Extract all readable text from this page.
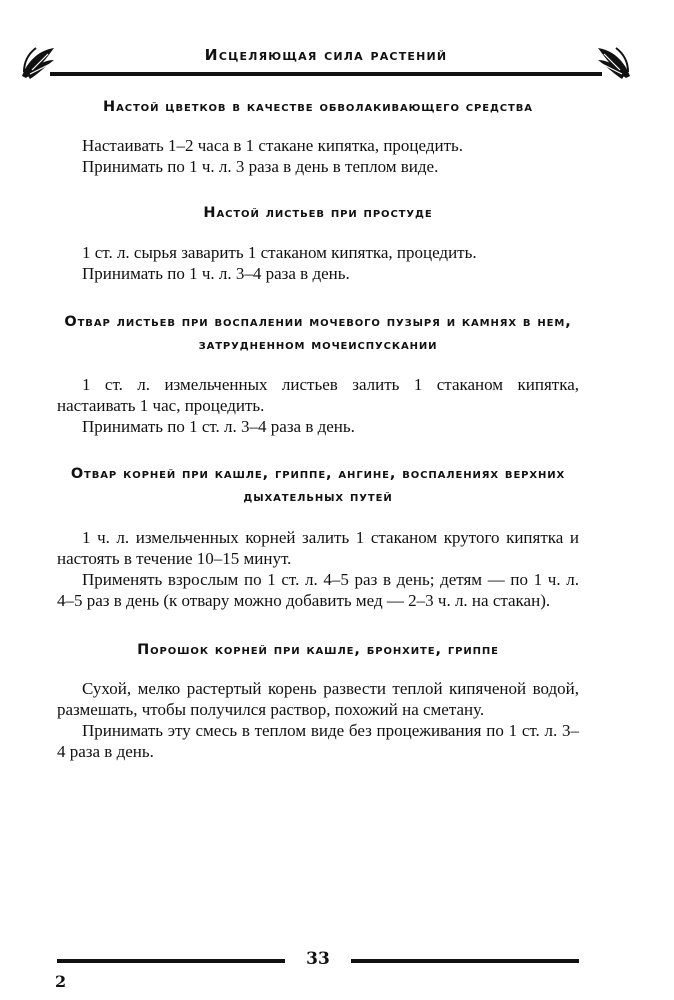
Исцеляющая сила растений
Настой цветков в качестве обволакивающего средства

Настаивать 1–2 часа в 1 стакане кипятка, процедить.

Принимать по 1 ч. л. 3 раза в день в теплом виде.

Настой листьев при простуде

1 ст. л. сырья заварить 1 стаканом кипятка, процедить.

Принимать по 1 ч. л. 3–4 раза в день.

Отвар листьев при воспалении мочевого пузыря и камнях в нем, затрудненном мочеиспускании

1 ст. л. измельченных листьев залить 1 стаканом кипятка, настаивать 1 час, процедить.

Принимать по 1 ст. л. 3–4 раза в день.

Отвар корней при кашле, гриппе, ангине, воспалениях верхних дыхательных путей

1 ч. л. измельченных корней залить 1 стаканом крутого кипятка и настоять в течение 10–15 минут.

Применять взрослым по 1 ст. л. 4–5 раз в день; детям — по 1 ч. л. 4–5 раз в день (к отвару можно добавить мед — 2–3 ч. л. на стакан).

Порошок корней при кашле, бронхите, гриппе

Сухой, мелко растертый корень развести теплой кипяченой водой, размешать, чтобы получился раствор, похожий на сметану.

Принимать эту смесь в теплом виде без процеживания по 1 ст. л. 3–4 раза в день.

33
2
